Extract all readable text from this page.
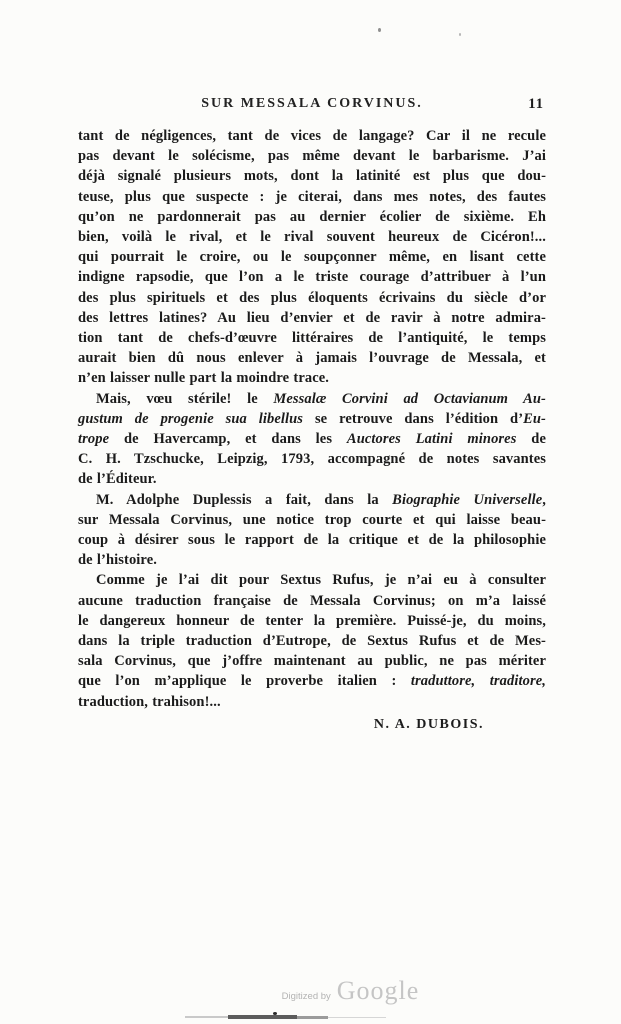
SUR MESSALA CORVINUS.	11
tant de négligences, tant de vices de langage? Car il ne recule
pas devant le solécisme, pas même devant le barbarisme. J’ai
déjà signalé plusieurs mots, dont la latinité est plus que dou-
teuse, plus que suspecte : je citerai, dans mes notes, des fautes
qu’on ne pardonnerait pas au dernier écolier de sixième. Eh
bien, voilà le rival, et le rival souvent heureux de Cicéron!...
qui pourrait le croire, ou le soupçonner même, en lisant cette
indigne rapsodie, que l’on a le triste courage d’attribuer à l’un
des plus spirituels et des plus éloquents écrivains du siècle d’or
des lettres latines? Au lieu d’envier et de ravir à notre admira-
tion tant de chefs-d’œuvre littéraires de l’antiquité, le temps
aurait bien dû nous enlever à jamais l’ouvrage de Messala, et
n’en laisser nulle part la moindre trace.
Mais, vœu stérile! le Messalæ Corvini ad Octavianum Au-
gustum de progenie sua libellus se retrouve dans l’édition d’Eu-
trope de Havercamp, et dans les Auctores Latini minores de
C. H. Tzschucke, Leipzig, 1793, accompagné de notes savantes
de l’Éditeur.
M. Adolphe Duplessis a fait, dans la Biographie Universelle,
sur Messala Corvinus, une notice trop courte et qui laisse beau-
coup à désirer sous le rapport de la critique et de la philosophie
de l’histoire.
Comme je l’ai dit pour Sextus Rufus, je n’ai eu à consulter
aucune traduction française de Messala Corvinus; on m’a laissé
le dangereux honneur de tenter la première. Puissé-je, du moins,
dans la triple traduction d’Eutrope, de Sextus Rufus et de Mes-
sala Corvinus, que j’offre maintenant au public, ne pas mériter
que l’on m’applique le proverbe italien : traduttore, traditore,
traduction, trahison!...
N. A. DUBOIS.
Digitized by Google
